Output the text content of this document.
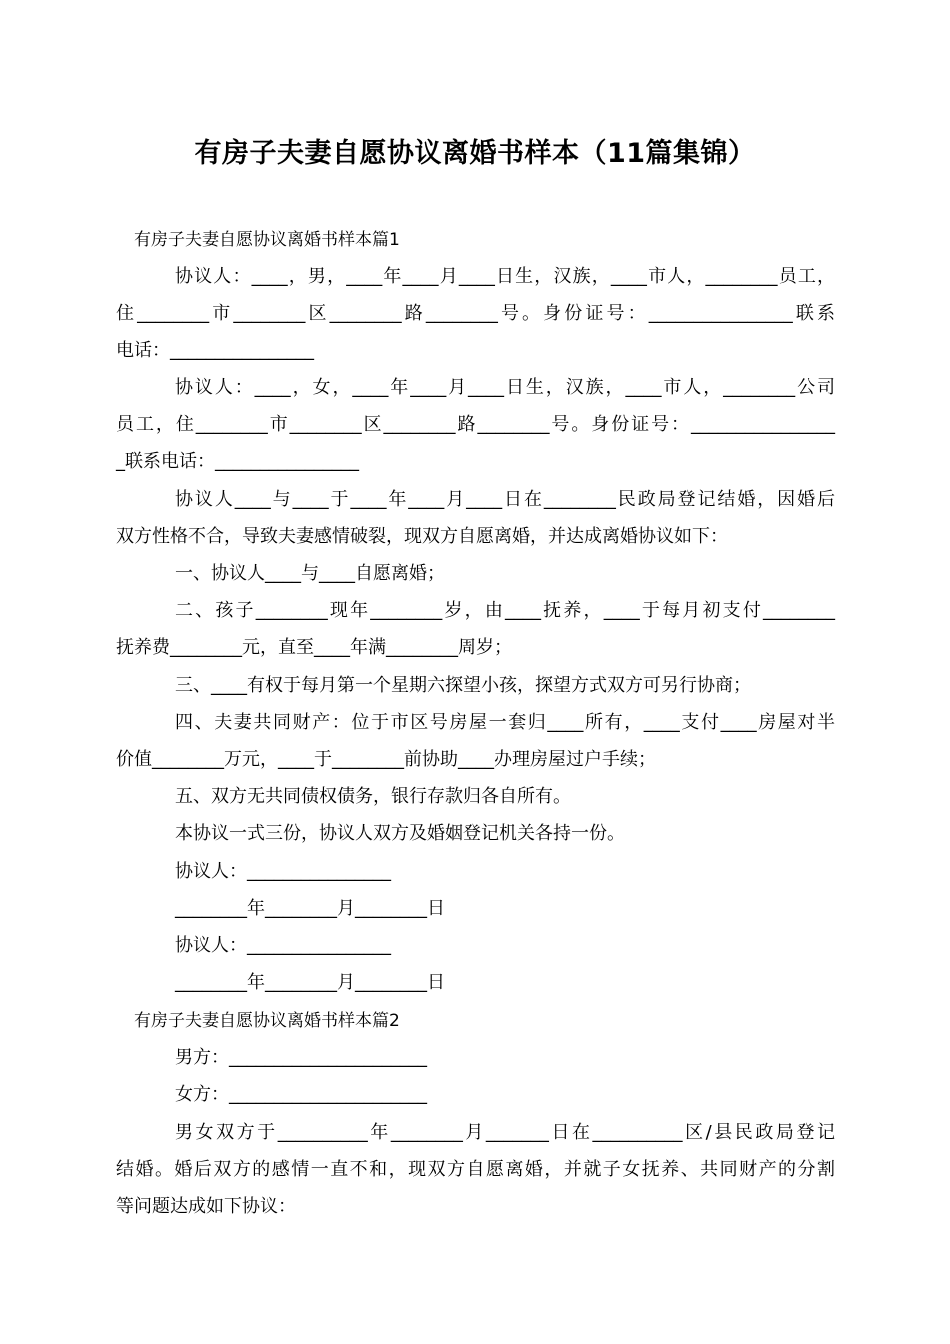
有房子夫妻自愿协议离婚书样本（11篇集锦）
有房子夫妻自愿协议离婚书样本篇1
协议人：____，男，____年____月____日生，汉族，____市人，________员工，
住________市________区________路________号。身份证号：________________联系
电话：________________
协议人：____，女，____年____月____日生，汉族，____市人，________公司
员工，住________市________区________路________号。身份证号：________________
_联系电话：________________
协议人____与____于____年____月____日在________民政局登记结婚，因婚后
双方性格不合，导致夫妻感情破裂，现双方自愿离婚，并达成离婚协议如下：
一、协议人____与____自愿离婚；
二、孩子________现年________岁，由____抚养，____于每月初支付________
抚养费________元，直至____年满________周岁；
三、____有权于每月第一个星期六探望小孩，探望方式双方可另行协商；
四、夫妻共同财产：位于市区号房屋一套归____所有，____支付____房屋对半
价值________万元，____于________前协助____办理房屋过户手续；
五、双方无共同债权债务，银行存款归各自所有。
本协议一式三份，协议人双方及婚姻登记机关各持一份。
协议人：________________
________年________月________日
协议人：________________
________年________月________日
有房子夫妻自愿协议离婚书样本篇2
男方：______________________
女方：______________________
男女双方于__________年________月_______日在__________区/县民政局登记
结婚。婚后双方的感情一直不和，现双方自愿离婚，并就子女抚养、共同财产的分割
等问题达成如下协议：
